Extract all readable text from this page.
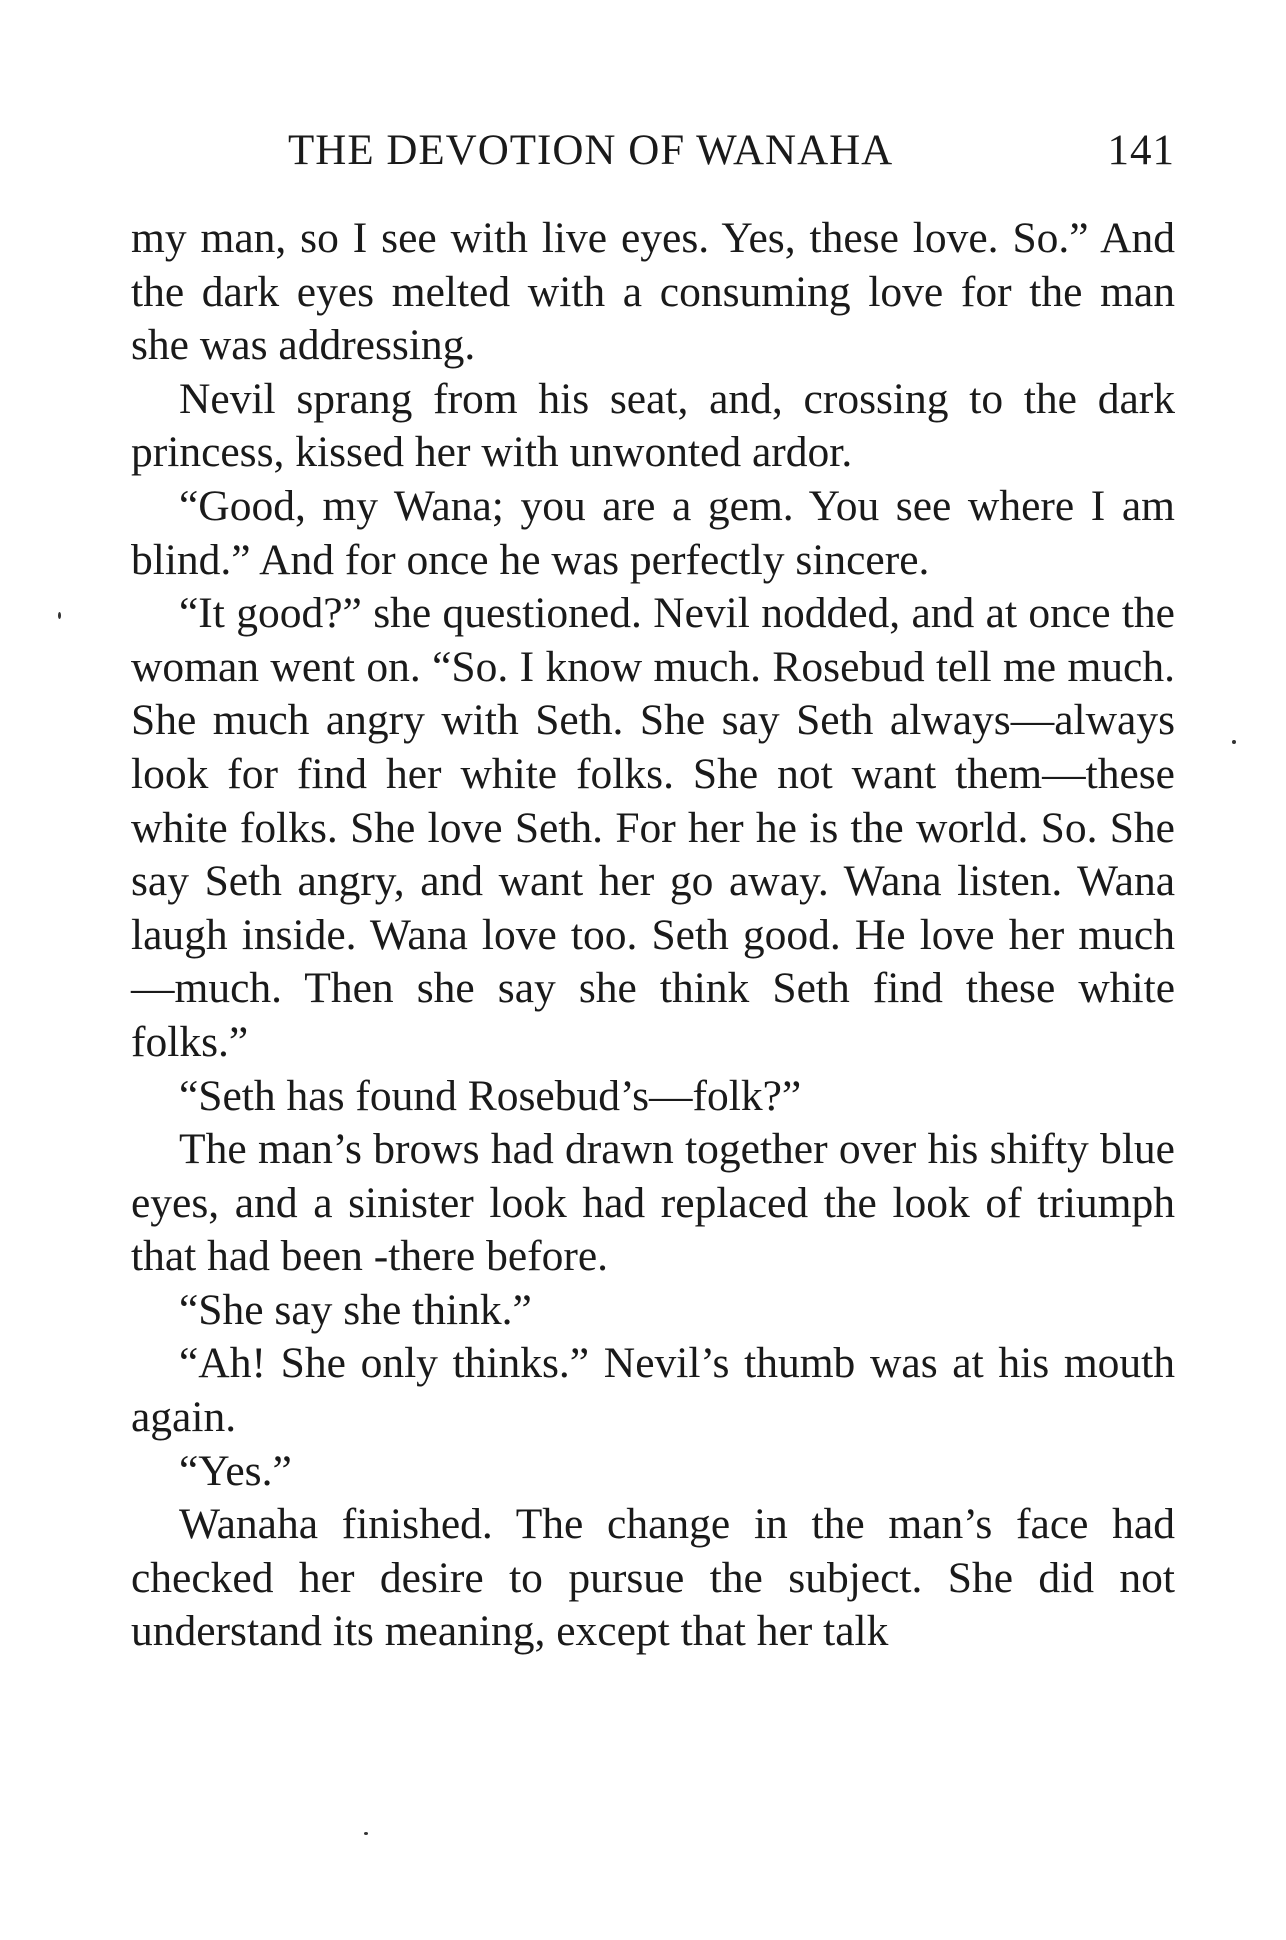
THE DEVOTION OF WANAHA	141

my man, so I see with live eyes. Yes, these love. So.” And the dark eyes melted with a consuming love for the man she was addressing.

Nevil sprang from his seat, and, crossing to the dark princess, kissed her with unwonted ardor.

“Good, my Wana; you are a gem. You see where I am blind.” And for once he was perfectly sincere.

“It good?” she questioned. Nevil nodded, and at once the woman went on. “So. I know much. Rosebud tell me much. She much angry with Seth. She say Seth always—always look for find her white folks. She not want them—these white folks. She love Seth. For her he is the world. So. She say Seth angry, and want her go away. Wana listen. Wana laugh inside. Wana love too. Seth good. He love her much—much. Then she say she think Seth find these white folks.”

“Seth has found Rosebud’s—folk?”

The man’s brows had drawn together over his shifty blue eyes, and a sinister look had replaced the look of triumph that had been -there before.

“She say she think.”

“Ah! She only thinks.” Nevil’s thumb was at his mouth again.

“Yes.”

Wanaha finished. The change in the man’s face had checked her desire to pursue the subject. She did not understand its meaning, except that her talk
